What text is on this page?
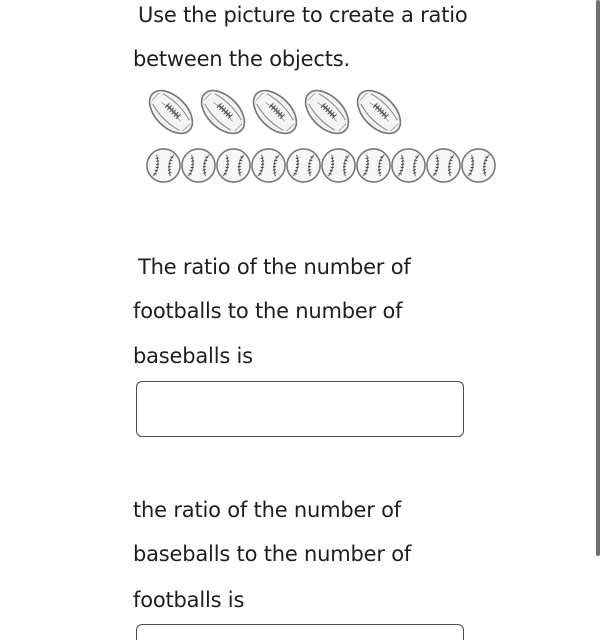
Use the picture to create a ratio
between the objects.
The ratio of the number of
footballs to the number of
baseballs is
the ratio of the number of
baseballs to the number of
footballs is
